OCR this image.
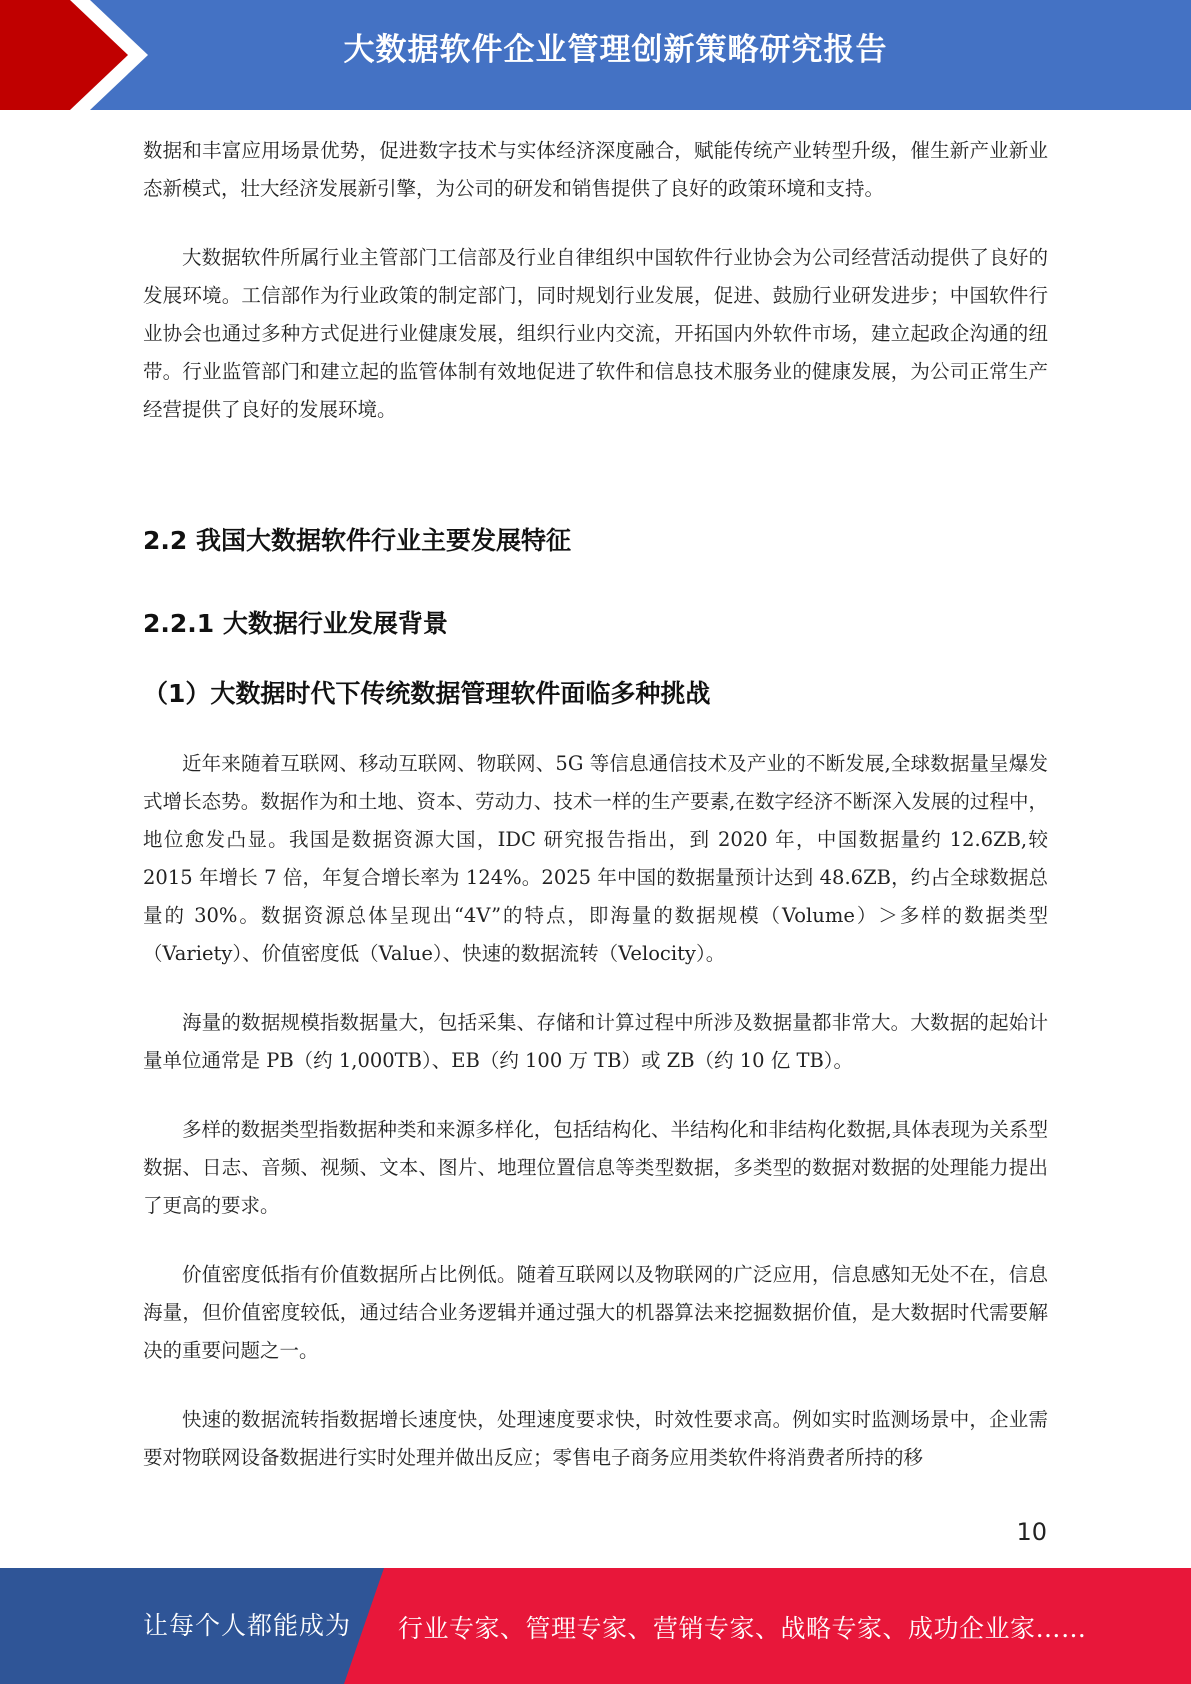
大数据软件企业管理创新策略研究报告

数据和丰富应用场景优势，促进数字技术与实体经济深度融合，赋能传统产业转型升级，催生新产业新业态新模式，壮大经济发展新引擎，为公司的研发和销售提供了良好的政策环境和支持。

大数据软件所属行业主管部门工信部及行业自律组织中国软件行业协会为公司经营活动提供了良好的发展环境。工信部作为行业政策的制定部门，同时规划行业发展，促进、鼓励行业研发进步；中国软件行业协会也通过多种方式促进行业健康发展，组织行业内交流，开拓国内外软件市场，建立起政企沟通的纽带。行业监管部门和建立起的监管体制有效地促进了软件和信息技术服务业的健康发展，为公司正常生产经营提供了良好的发展环境。

2.2 我国大数据软件行业主要发展特征
2.2.1 大数据行业发展背景
（1）大数据时代下传统数据管理软件面临多种挑战

近年来随着互联网、移动互联网、物联网、5G 等信息通信技术及产业的不断发展,全球数据量呈爆发式增长态势。数据作为和土地、资本、劳动力、技术一样的生产要素,在数字经济不断深入发展的过程中，地位愈发凸显。我国是数据资源大国，IDC 研究报告指出，到 2020 年，中国数据量约 12.6ZB,较 2015 年增长 7 倍，年复合增长率为 124%。2025 年中国的数据量预计达到 48.6ZB，约占全球数据总量的 30%。数据资源总体呈现出“4V”的特点，即海量的数据规模（Volume）＞多样的数据类型（Variety）、价值密度低（Value）、快速的数据流转（Velocity）。

海量的数据规模指数据量大，包括采集、存储和计算过程中所涉及数据量都非常大。大数据的起始计量单位通常是 PB（约 1,000TB）、EB（约 100 万 TB）或 ZB（约 10 亿 TB）。

多样的数据类型指数据种类和来源多样化，包括结构化、半结构化和非结构化数据,具体表现为关系型数据、日志、音频、视频、文本、图片、地理位置信息等类型数据，多类型的数据对数据的处理能力提出了更高的要求。

价值密度低指有价值数据所占比例低。随着互联网以及物联网的广泛应用，信息感知无处不在，信息海量，但价值密度较低，通过结合业务逻辑并通过强大的机器算法来挖掘数据价值，是大数据时代需要解决的重要问题之一。

快速的数据流转指数据增长速度快，处理速度要求快，时效性要求高。例如实时监测场景中，企业需要对物联网设备数据进行实时处理并做出反应；零售电子商务应用类软件将消费者所持的移

10
让每个人都能成为 行业专家、管理专家、营销专家、战略专家、成功企业家……
